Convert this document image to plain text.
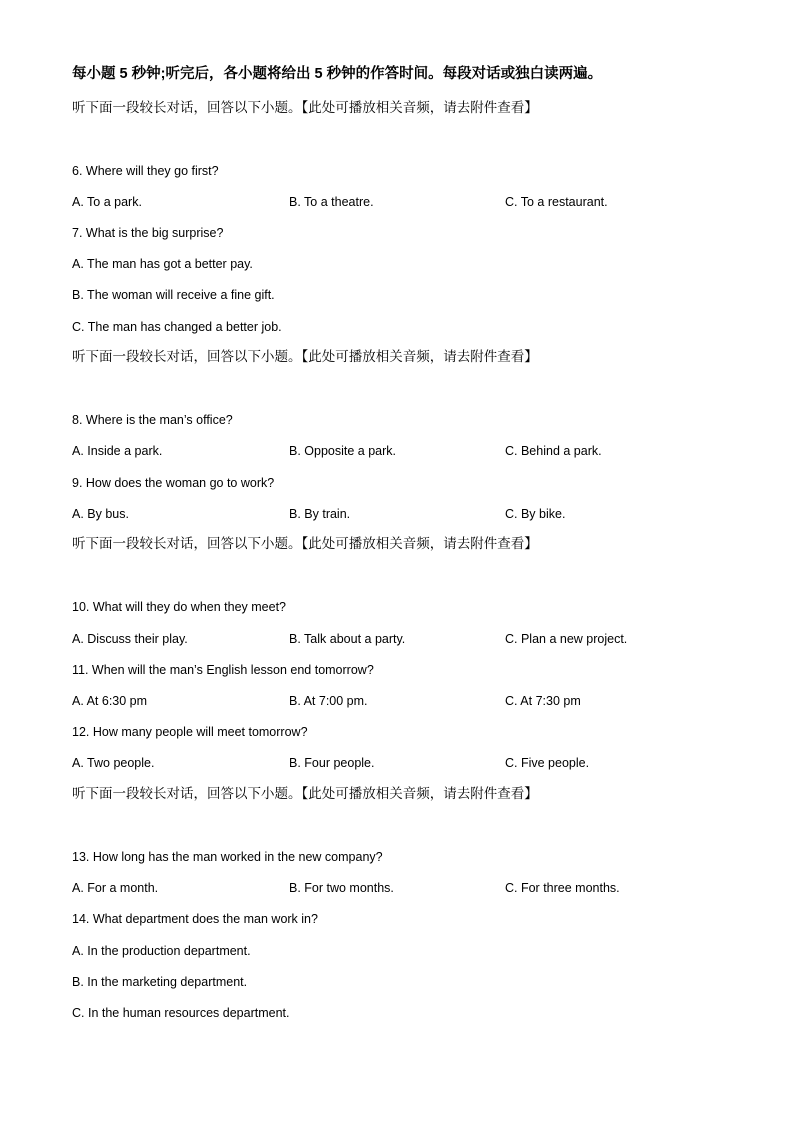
每小题 5 秒钟;听完后，各小题将给出 5 秒钟的作答时间。每段对话或独白读两遍。
听下面一段较长对话，回答以下小题。【此处可播放相关音频，请去附件查看】
6. Where will they go first?
A. To a park.	B. To a theatre.	C. To a restaurant.
7. What is the big surprise?
A. The man has got a better pay.
B. The woman will receive a fine gift.
C. The man has changed a better job.
听下面一段较长对话，回答以下小题。【此处可播放相关音频，请去附件查看】
8. Where is the man’s office?
A. Inside a park.	B. Opposite a park.	C. Behind a park.
9. How does the woman go to work?
A. By bus.	B. By train.	C. By bike.
听下面一段较长对话，回答以下小题。【此处可播放相关音频，请去附件查看】
10. What will they do when they meet?
A. Discuss their play.	B. Talk about a party.	C. Plan a new project.
11. When will the man’s English lesson end tomorrow?
A. At 6:30 pm	B. At 7:00 pm.	C. At 7:30 pm
12. How many people will meet tomorrow?
A. Two people.	B. Four people.	C. Five people.
听下面一段较长对话，回答以下小题。【此处可播放相关音频，请去附件查看】
13. How long has the man worked in the new company?
A. For a month.	B. For two months.	C. For three months.
14. What department does the man work in?
A. In the production department.
B. In the marketing department.
C. In the human resources department.
